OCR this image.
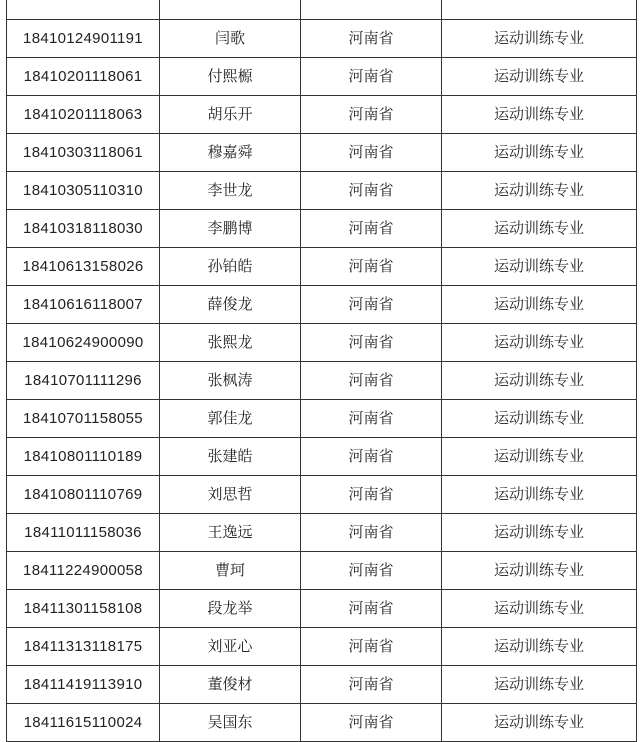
18410124901191	闫歌	河南省	运动训练专业
18410201118061	付熙榞	河南省	运动训练专业
18410201118063	胡乐开	河南省	运动训练专业
18410303118061	穆嘉舜	河南省	运动训练专业
18410305110310	李世龙	河南省	运动训练专业
18410318118030	李鹏博	河南省	运动训练专业
18410613158026	孙铂皓	河南省	运动训练专业
18410616118007	薛俊龙	河南省	运动训练专业
18410624900090	张熙龙	河南省	运动训练专业
18410701111296	张枫涛	河南省	运动训练专业
18410701158055	郭佳龙	河南省	运动训练专业
18410801110189	张建皓	河南省	运动训练专业
18410801110769	刘思哲	河南省	运动训练专业
18411011158036	王逸远	河南省	运动训练专业
18411224900058	曹珂	河南省	运动训练专业
18411301158108	段龙举	河南省	运动训练专业
18411313118175	刘亚心	河南省	运动训练专业
18411419113910	董俊材	河南省	运动训练专业
18411615110024	吴国东	河南省	运动训练专业
